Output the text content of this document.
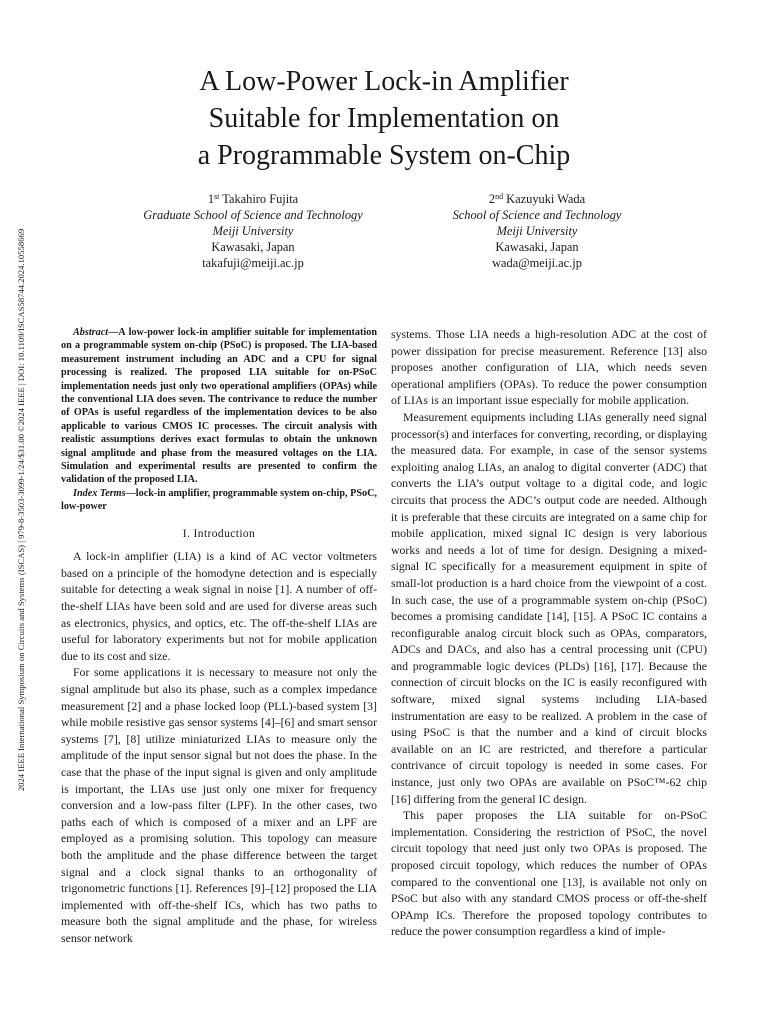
2024 IEEE International Symposium on Circuits and Systems (ISCAS) | 979-8-3503-3099-1/24/$31.00 ©2024 IEEE | DOI: 10.1109/ISCAS58744.2024.10558669
A Low-Power Lock-in Amplifier
Suitable for Implementation on
a Programmable System on-Chip
1st Takahiro Fujita
Graduate School of Science and Technology
Meiji University
Kawasaki, Japan
takafuji@meiji.ac.jp
2nd Kazuyuki Wada
School of Science and Technology
Meiji University
Kawasaki, Japan
wada@meiji.ac.jp

Abstract—A low-power lock-in amplifier suitable for implementation on a programmable system on-chip (PSoC) is proposed. The LIA-based measurement instrument including an ADC and a CPU for signal processing is realized. The proposed LIA suitable for on-PSoC implementation needs just only two operational amplifiers (OPAs) while the conventional LIA does seven. The contrivance to reduce the number of OPAs is useful regardless of the implementation devices to be also applicable to various CMOS IC processes. The circuit analysis with realistic assumptions derives exact formulas to obtain the unknown signal amplitude and phase from the measured voltages on the LIA. Simulation and experimental results are presented to confirm the validation of the proposed LIA.

Index Terms—lock-in amplifier, programmable system on-chip, PSoC, low-power

I. Introduction

A lock-in amplifier (LIA) is a kind of AC vector voltmeters based on a principle of the homodyne detection and is especially suitable for detecting a weak signal in noise [1]. A number of off-the-shelf LIAs have been sold and are used for diverse areas such as electronics, physics, and optics, etc. The off-the-shelf LIAs are useful for laboratory experiments but not for mobile application due to its cost and size.

For some applications it is necessary to measure not only the signal amplitude but also its phase, such as a complex impedance measurement [2] and a phase locked loop (PLL)-based system [3] while mobile resistive gas sensor systems [4]–[6] and smart sensor systems [7], [8] utilize miniaturized LIAs to measure only the amplitude of the input sensor signal but not does the phase. In the case that the phase of the input signal is given and only amplitude is important, the LIAs use just only one mixer for frequency conversion and a low-pass filter (LPF). In the other cases, two paths each of which is composed of a mixer and an LPF are employed as a promising solution. This topology can measure both the amplitude and the phase difference between the target signal and a clock signal thanks to an orthogonality of trigonometric functions [1]. References [9]–[12] proposed the LIA implemented with off-the-shelf ICs, which has two paths to measure both the signal amplitude and the phase, for wireless sensor network

systems. Those LIA needs a high-resolution ADC at the cost of power dissipation for precise measurement. Reference [13] also proposes another configuration of LIA, which needs seven operational amplifiers (OPAs). To reduce the power consumption of LIAs is an important issue especially for mobile application.

Measurement equipments including LIAs generally need signal processor(s) and interfaces for converting, recording, or displaying the measured data. For example, in case of the sensor systems exploiting analog LIAs, an analog to digital converter (ADC) that converts the LIA’s output voltage to a digital code, and logic circuits that process the ADC’s output code are needed. Although it is preferable that these circuits are integrated on a same chip for mobile application, mixed signal IC design is very laborious works and needs a lot of time for design. Designing a mixed-signal IC specifically for a measurement equipment in spite of small-lot production is a hard choice from the viewpoint of a cost. In such case, the use of a programmable system on-chip (PSoC) becomes a promising candidate [14], [15]. A PSoC IC contains a reconfigurable analog circuit block such as OPAs, comparators, ADCs and DACs, and also has a central processing unit (CPU) and programmable logic devices (PLDs) [16], [17]. Because the connection of circuit blocks on the IC is easily reconfigured with software, mixed signal systems including LIA-based instrumentation are easy to be realized. A problem in the case of using PSoC is that the number and a kind of circuit blocks available on an IC are restricted, and therefore a particular contrivance of circuit topology is needed in some cases. For instance, just only two OPAs are available on PSoC™-62 chip [16] differing from the general IC design.

This paper proposes the LIA suitable for on-PSoC implementation. Considering the restriction of PSoC, the novel circuit topology that need just only two OPAs is proposed. The proposed circuit topology, which reduces the number of OPAs compared to the conventional one [13], is available not only on PSoC but also with any standard CMOS process or off-the-shelf OPAmp ICs. Therefore the proposed topology contributes to reduce the power consumption regardless a kind of imple-
